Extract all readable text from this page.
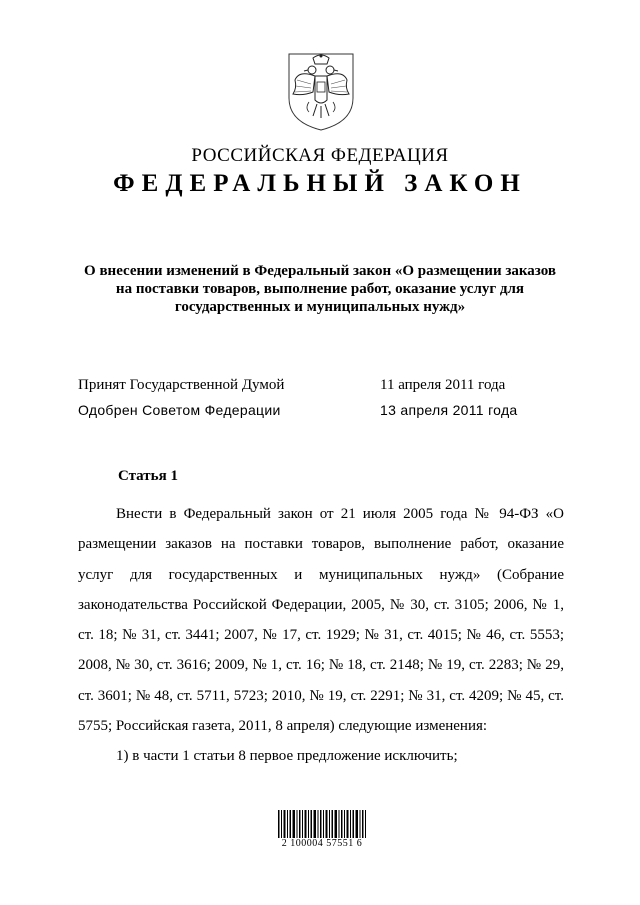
РОССИЙСКАЯ ФЕДЕРАЦИЯ
ФЕДЕРАЛЬНЫЙ ЗАКОН
О внесении изменений в Федеральный закон «О размещении заказов
на поставки товаров, выполнение работ, оказание услуг для
государственных и муниципальных нужд»
Принят Государственной Думой	11 апреля 2011 года
Одобрен Советом Федерации	13 апреля 2011 года
Статья 1

Внести в Федеральный закон от 21 июля 2005 года № 94-ФЗ «О размещении заказов на поставки товаров, выполнение работ, оказание услуг для государственных и муниципальных нужд» (Собрание законодательства Российской Федерации, 2005, № 30, ст. 3105; 2006, № 1, ст. 18; № 31, ст. 3441; 2007, № 17, ст. 1929; № 31, ст. 4015; № 46, ст. 5553; 2008, № 30, ст. 3616; 2009, № 1, ст. 16; № 18, ст. 2148; № 19, ст. 2283; № 29, ст. 3601; № 48, ст. 5711, 5723; 2010, № 19, ст. 2291; № 31, ст. 4209; № 45, ст. 5755; Российская газета, 2011, 8 апреля) следующие изменения:

1) в части 1 статьи 8 первое предложение исключить;

2 100004 57551 6
